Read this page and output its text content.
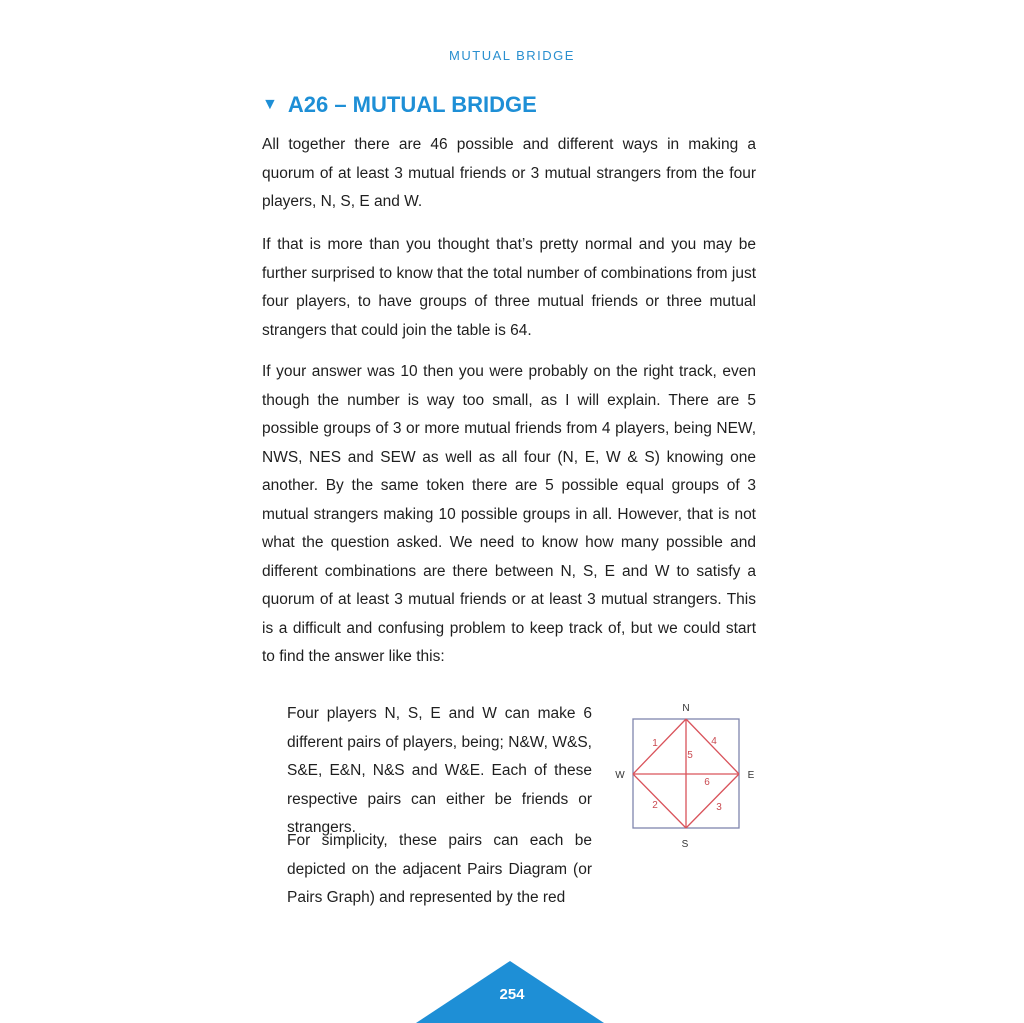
MUTUAL BRIDGE
▼ A26 – MUTUAL BRIDGE

All together there are 46 possible and different ways in making a quorum of at least 3 mutual friends or 3 mutual strangers from the four players, N, S, E and W.

If that is more than you thought that’s pretty normal and you may be further surprised to know that the total number of combinations from just four players, to have groups of three mutual friends or three mutual strangers that could join the table is 64.

If your answer was 10 then you were probably on the right track, even though the number is way too small, as I will explain. There are 5 possible groups of 3 or more mutual friends from 4 players, being NEW, NWS, NES and SEW as well as all four (N, E, W & S) knowing one another. By the same token there are 5 possible equal groups of 3 mutual strangers making 10 possible groups in all. However, that is not what the question asked. We need to know how many possible and different combinations are there between N, S, E and W to satisfy a quorum of at least 3 mutual friends or at least 3 mutual strangers. This is a difficult and confusing problem to keep track of, but we could start to find the answer like this:

Four players N, S, E and W can make 6 different pairs of players, being; N&W, W&S, S&E, E&N, N&S and W&E. Each of these respective pairs can either be friends or strangers.

For simplicity, these pairs can each be depicted on the adjacent Pairs Diagram (or Pairs Graph) and represented by the red

N
W	E
S
1
2	3
4
5
6
254
